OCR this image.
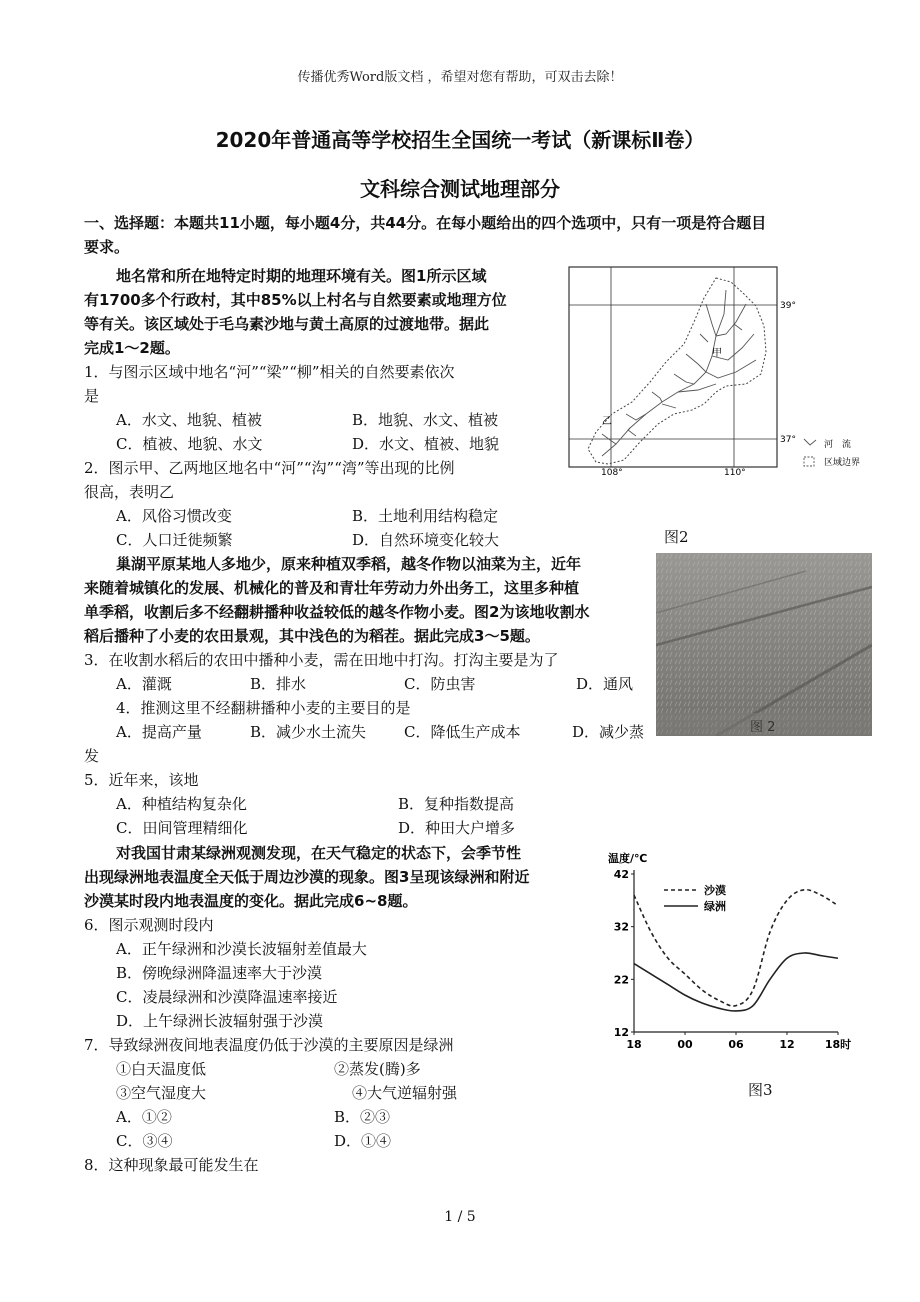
传播优秀Word版文档 ，希望对您有帮助，可双击去除！
2020年普通高等学校招生全国统一考试（新课标Ⅱ卷）
文科综合测试地理部分
一、选择题：本题共11小题，每小题4分，共44分。在每小题给出的四个选项中，只有一项是符合题目
要求。
地名常和所在地特定时期的地理环境有关。图1所示区域
有1700多个行政村，其中85%以上村名与自然要素或地理方位
等有关。该区域处于毛乌素沙地与黄土高原的过渡地带。据此
完成1～2题。
1．与图示区域中地名“河”“梁”“柳”相关的自然要素依次
是
A．水文、地貌、植被	B．地貌、水文、植被
C．植被、地貌、水文	D．水文、植被、地貌
2．图示甲、乙两地区地名中“河”“沟”“湾”等出现的比例
很高，表明乙
A．风俗习惯改变	B．土地利用结构稳定
C．人口迁徙频繁	D．自然环境变化较大
39°
37°
108°	110°
甲
乙
河　流
区域边界
图2
巢湖平原某地人多地少，原来种植双季稻，越冬作物以油菜为主，近年
来随着城镇化的发展、机械化的普及和青壮年劳动力外出务工，这里多种植
单季稻，收割后多不经翻耕播种收益较低的越冬作物小麦。图2为该地收割水
稻后播种了小麦的农田景观，其中浅色的为稻茬。据此完成3～5题。
图 2
3．在收割水稻后的农田中播种小麦，需在田地中打沟。打沟主要是为了
A．灌溉	B．排水	C．防虫害	D．通风
4．推测这里不经翻耕播种小麦的主要目的是
A．提高产量	B．减少水土流失	C．降低生产成本	D．减少蒸
发
5．近年来，该地
A．种植结构复杂化	B．复种指数提高
C．田间管理精细化	D．种田大户增多
对我国甘肃某绿洲观测发现，在天气稳定的状态下，会季节性
出现绿洲地表温度全天低于周边沙漠的现象。图3呈现该绿洲和附近
沙漠某时段内地表温度的变化。据此完成6~8题。
温度/℃
12
22
32
42
18	00	06	12	18时
沙漠
绿洲
图3
6．图示观测时段内
A．正午绿洲和沙漠长波辐射差值最大
B．傍晚绿洲降温速率大于沙漠
C．凌晨绿洲和沙漠降温速率接近
D．上午绿洲长波辐射强于沙漠
7．导致绿洲夜间地表温度仍低于沙漠的主要原因是绿洲
①白天温度低	②蒸发(腾)多
③空气湿度大	④大气逆辐射强
A．①②	B．②③
C．③④	D．①④
8．这种现象最可能发生在
1 / 5
